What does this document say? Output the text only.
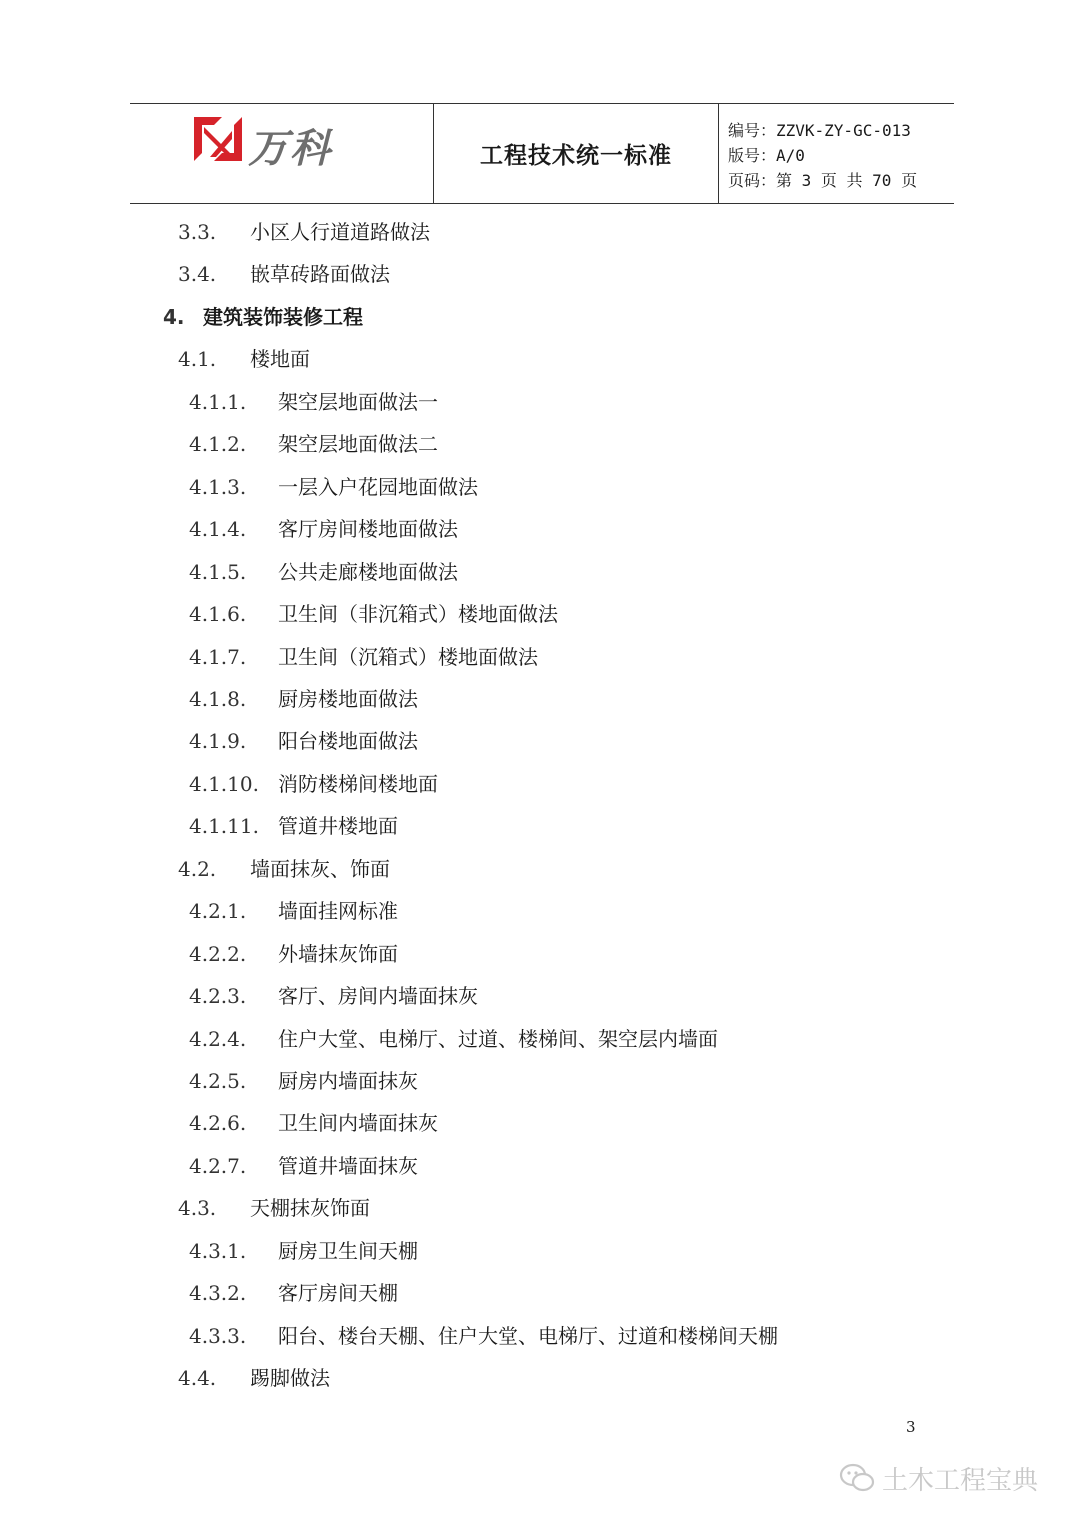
万科	工程技术统一标准
编号：ZZVK-ZY-GC-013
版号：A/0
页码：第 3 页 共 70 页
3.3. 小区人行道道路做法
3.4. 嵌草砖路面做法
4. 建筑装饰装修工程
4.1. 楼地面
4.1.1. 架空层地面做法一
4.1.2. 架空层地面做法二
4.1.3. 一层入户花园地面做法
4.1.4. 客厅房间楼地面做法
4.1.5. 公共走廊楼地面做法
4.1.6. 卫生间（非沉箱式）楼地面做法
4.1.7. 卫生间（沉箱式）楼地面做法
4.1.8. 厨房楼地面做法
4.1.9. 阳台楼地面做法
4.1.10. 消防楼梯间楼地面
4.1.11. 管道井楼地面
4.2. 墙面抹灰、饰面
4.2.1. 墙面挂网标准
4.2.2. 外墙抹灰饰面
4.2.3. 客厅、房间内墙面抹灰
4.2.4. 住户大堂、电梯厅、过道、楼梯间、架空层内墙面
4.2.5. 厨房内墙面抹灰
4.2.6. 卫生间内墙面抹灰
4.2.7. 管道井墙面抹灰
4.3. 天棚抹灰饰面
4.3.1. 厨房卫生间天棚
4.3.2. 客厅房间天棚
4.3.3. 阳台、楼台天棚、住户大堂、电梯厅、过道和楼梯间天棚
4.4. 踢脚做法
3
土木工程宝典
